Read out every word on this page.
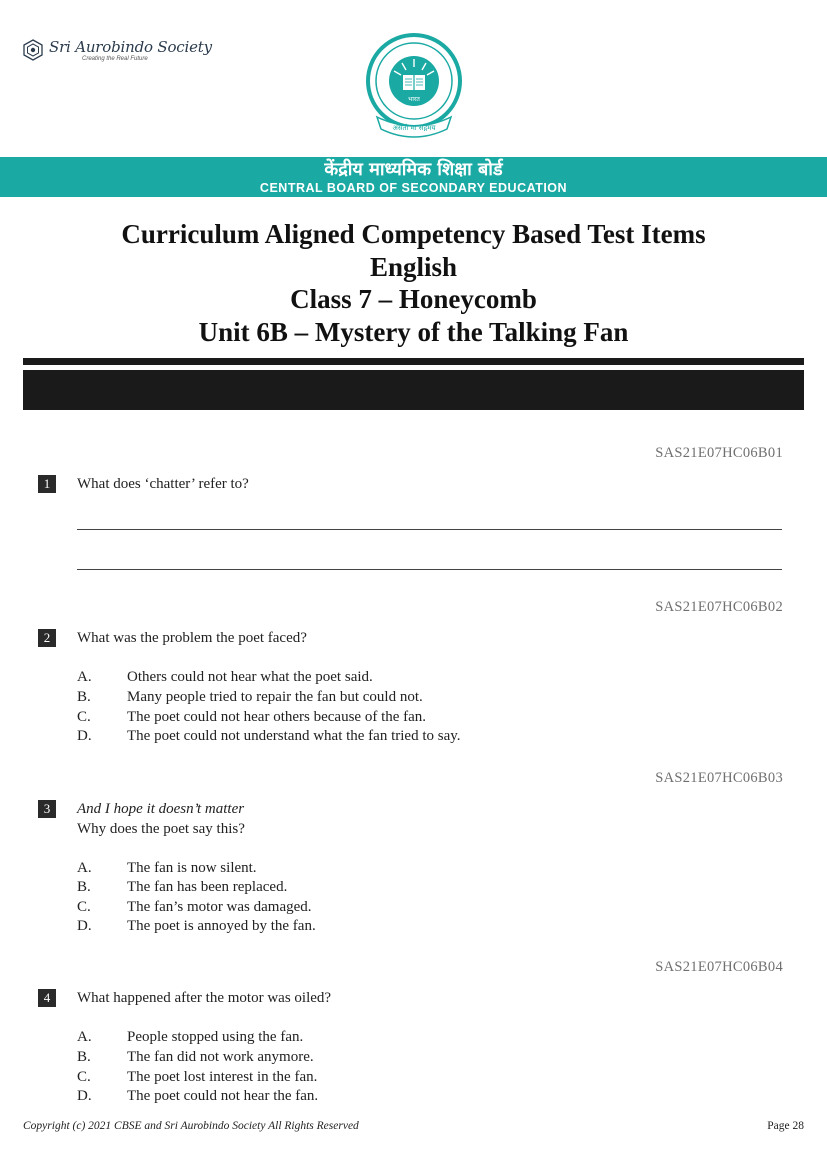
Sri Aurobindo Society
Creating the Real Future
भारत
असतो मा सद्गमय
केंद्रीय माध्यमिक शिक्षा बोर्ड
CENTRAL BOARD OF SECONDARY EDUCATION
Curriculum Aligned Competency Based Test Items
English
Class 7 – Honeycomb
Unit 6B – Mystery of the Talking Fan
SAS21E07HC06B01
1	What does ‘chatter’ refer to?
SAS21E07HC06B02
2	What was the problem the poet faced?
A. Others could not hear what the poet said.
B. Many people tried to repair the fan but could not.
C. The poet could not hear others because of the fan.
D. The poet could not understand what the fan tried to say.
SAS21E07HC06B03
3	And I hope it doesn’t matter
Why does the poet say this?
A. The fan is now silent.
B. The fan has been replaced.
C. The fan’s motor was damaged.
D. The poet is annoyed by the fan.
SAS21E07HC06B04
4	What happened after the motor was oiled?
A. People stopped using the fan.
B. The fan did not work anymore.
C. The poet lost interest in the fan.
D. The poet could not hear the fan.
Copyright (c) 2021 CBSE and Sri Aurobindo Society All Rights Reserved	Page 28
